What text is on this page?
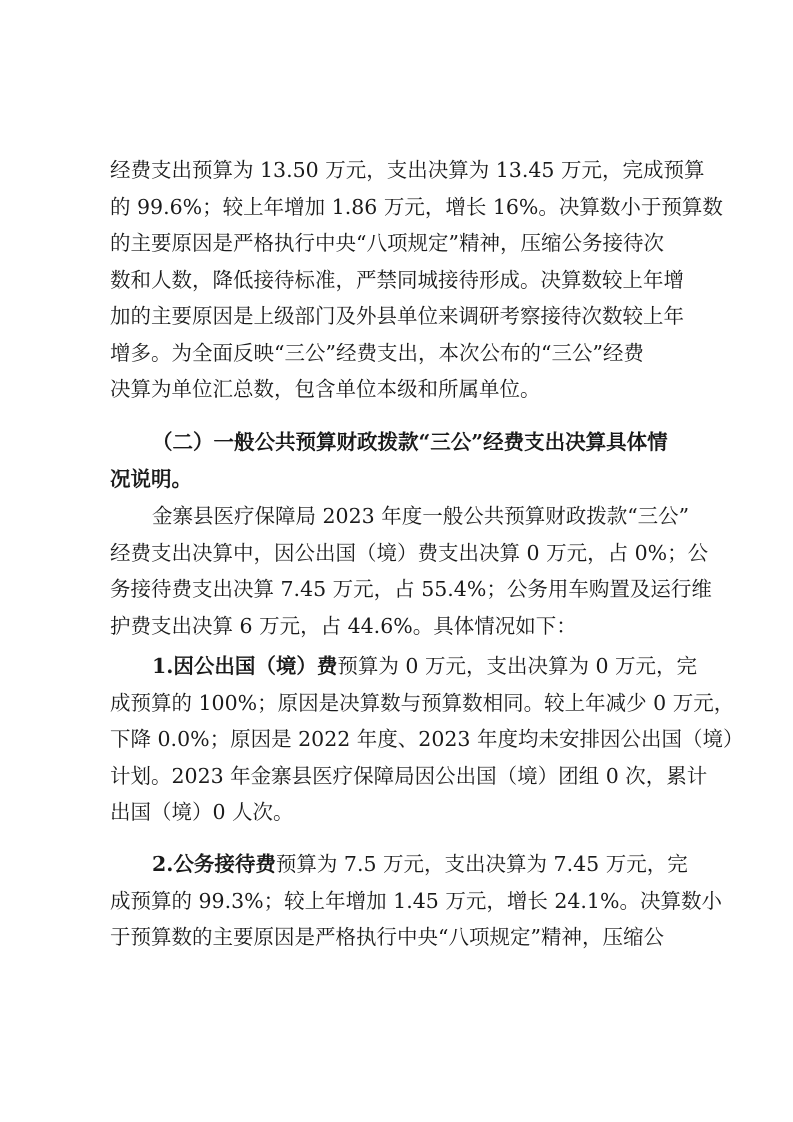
经费支出预算为 13.50 万元，支出决算为 13.45 万元，完成预算
的 99.6%；较上年增加 1.86 万元，增长 16%。决算数小于预算数
的主要原因是严格执行中央“八项规定”精神，压缩公务接待次
数和人数，降低接待标准，严禁同城接待形成。决算数较上年增
加的主要原因是上级部门及外县单位来调研考察接待次数较上年
增多。为全面反映“三公”经费支出，本次公布的“三公”经费
决算为单位汇总数，包含单位本级和所属单位。
（二）一般公共预算财政拨款“三公”经费支出决算具体情
况说明。
金寨县医疗保障局 2023 年度一般公共预算财政拨款“三公”
经费支出决算中，因公出国（境）费支出决算 0 万元，占 0%；公
务接待费支出决算 7.45 万元，占 55.4%；公务用车购置及运行维
护费支出决算 6 万元，占 44.6%。具体情况如下：
1.因公出国（境）费预算为 0 万元，支出决算为 0 万元，完
成预算的 100%；原因是决算数与预算数相同。较上年减少 0 万元，
下降 0.0%；原因是 2022 年度、2023 年度均未安排因公出国（境）
计划。2023 年金寨县医疗保障局因公出国（境）团组 0 次，累计
出国（境）0 人次。
2.公务接待费预算为 7.5 万元，支出决算为 7.45 万元，完
成预算的 99.3%；较上年增加 1.45 万元，增长 24.1%。决算数小
于预算数的主要原因是严格执行中央“八项规定”精神，压缩公
